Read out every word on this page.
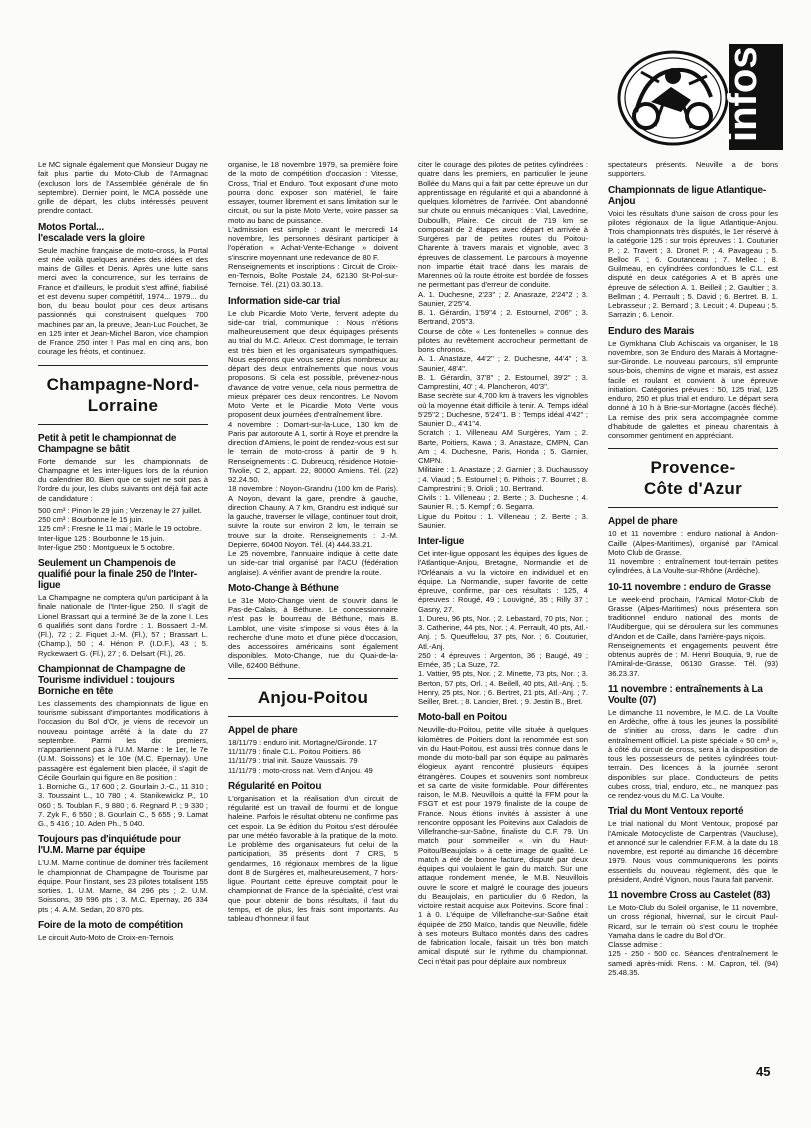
infos

Le MC signale également que Monsieur Dugay ne fait plus partie du Moto-Club de l'Armagnac (excluson lors de l'Assemblée générale de fin septembre). Dernier point, le MCA possède une grille de départ, les clubs intéressés peuvent prendre contact.

Motos Portal...
l'escalade vers la gloire

Seule machine française de moto-cross, la Portal est née voilà quelques années des idées et des mains de Gilles et Denis. Après une lutte sans merci avec la concurrence, sur les terrains de France et d'ailleurs, le produit s'est affiné, fiabilisé et est devenu super compétitif, 1974... 1979... du bon, du beau boulot pour ces deux artisans passionnés qui construisent quelques 700 machines par an, la preuve, Jean-Luc Fouchet, 3e en 125 inter et Jean-Michel Baron, vice champion de France 250 inter ! Pas mal en cinq ans, bon courage les fréots, et continuez.

Champagne-Nord-Lorraine
Petit à petit le championnat de Champagne se bâtit

Forte demande sur les championnats de Champagne et les inter-ligues lors de la réunion du calendrier 80. Bien que ce sujet ne soit pas à l'ordre du jour, les clubs suivants ont déjà fait acte de candidature :

500 cm³ : Pinon le 29 juin ; Verzenay le 27 juillet.
250 cm³ : Bourbonne le 15 juin.
125 cm³ : Fresne le 11 mai ; Marle le 19 octobre.
Inter-ligue 125 : Bourbonne le 15 juin.
Inter-ligue 250 : Montgueux le 5 octobre.

Seulement un Champenois de qualifié pour la finale 250 de l'Inter-ligue

La Champagne ne comptera qu'un participant à la finale nationale de l'Inter-ligue 250. Il s'agit de Lionel Brassart qui a terminé 3e de la zone I. Les 6 qualifiés sont dans l'ordre : 1. Bossaert J.-M. (Fl.), 72 ; 2. Fiquet J.-M. (Fl.), 57 ; Brassart L. (Champ.), 50 ; 4. Hénon P. (I.D.F.), 43 ; 5. Ryckewaert G. (Fl.), 27 ; 6. Delsart (Fl.), 26.

Championnat de Champagne de Tourisme individuel : toujours Borniche en tête

Les classements des championnats de ligue en tourisme subissant d'importantes modifications à l'occasion du Bol d'Or, je viens de recevoir un nouveau pointage arrêté à la date du 27 septembre. Parmi les dix premiers, n'appartiennent pas à l'U.M. Marne : le 1er, le 7e (U.M. Soissons) et le 10e (M.C. Epernay). Une passagère est également bien placée, il s'agit de Cécile Gourlain qui figure en 8e position :
1. Borniche G., 17 600 ; 2. Gourlain J.-C., 11 310 ; 3. Toussaint L., 10 780 ; 4. Stanikewickz P., 10 060 ; 5. Toublan F., 9 880 ; 6. Regnard P. ; 9 330 ; 7. Zyk F., 6 550 ; 8. Gourlain C., 5 655 ; 9. Lamat G., 5 416 ; 10. Aden Ph., 5 040.

Toujours pas d'inquiétude pour l'U.M. Marne par équipe

L'U.M. Marne continue de dominer très facilement le championnat de Champagne de Tourisme par équipe. Pour l'instant, ses 23 pilotes totalisent 155 sorties. 1. U.M. Marne, 84 296 pts ; 2. U.M. Soissons, 39 596 pts ; 3. M.C. Epernay, 26 334 pts ; 4. A.M. Sedan, 20 870 pts.

Foire de la moto de compétition

Le circuit Auto-Moto de Croix-en-Ternois

organise, le 18 novembre 1979, sa première foire de la moto de compétition d'occasion : Vitesse, Cross, Trial et Enduro. Tout exposant d'une moto pourra donc exposer son matériel, le faire essayer, tourner librement et sans limitation sur le circuit, ou sur la piste Moto Verte, voire passer sa moto au banc de puissance.
L'admission est simple : avant le mercredi 14 novembre, les personnes désirant participer à l'opération « Achat-Vente-Echange » doivent s'inscrire moyennant une redevance de 80 F.
Renseignements et inscriptions : Circuit de Croix-en-Ternois, Boîte Postale 24, 62130 St-Pol-sur-Ternoise. Tél. (21) 03.30.13.

Information side-car trial

Le club Picardie Moto Verte, fervent adepte du side-car trial, communique : Nous n'étions malheureusement que deux équipages présents au trial du M.C. Arleux. C'est dommage, le terrain est très bien et les organisateurs sympathiques. Nous espérons que vous serez plus nombreux au départ des deux entraînements que nous vous proposons. Si cela est possible, prévenez-nous d'avance de votre venue, cela nous permettra de mieux préparer ces deux rencontres. Le Novom Moto Verte et le Picardie Moto Verte vous proposent deux journées d'entraînement libre.
4 novembre : Domart-sur-la-Luce, 130 km de Paris par autoroute A 1, sortir à Roye et prendre la direction d'Amiens, le point de rendez-vous est sur le terrain de moto-cross à partir de 9 h. Renseignements : C. Dubreucq, résidence Hotoie-Tivolie, C 2, appart. 22, 80000 Amiens. Tél. (22) 92.24.50.
18 novembre : Noyon-Grandru (100 km de Paris). A Noyon, devant la gare, prendre à gauche, direction Chauny. A 7 km, Grandru est indiqué sur la gauche, traverser le village, continuer tout droit, suivre la route sur environ 2 km, le terrain se trouve sur la droite. Renseignements : J.-M. Depierre, 60400 Noyon. Tél. (4) 444.33.21.
Le 25 novembre, l'annuaire indique à cette date un side-car trial organisé par l'ACU (fédération anglaise). A vérifier avant de prendre la route.

Moto-Change à Béthune

Le 31e Moto-Change vient de s'ouvrir dans le Pas-de-Calais, à Béthune. Le concessionnaire n'est pas le bourreau de Béthune, mais B. Lamblot, une visite s'impose si vous êtes à la recherche d'une moto et d'une pièce d'occasion, des accessoires américains sont également disponibles. Moto-Change, rue du Quai-de-la-Ville, 62400 Béthune.

Anjou-Poitou
Appel de phare

18/11/79 : enduro init. Mortagne/Gironde. 17
11/11/79 : finale C.L. Poitou Poitiers. 86
11/11/79 : trial init. Sauze Vaussais. 79
11/11/79 : moto-cross nat. Vern d'Anjou. 49

Régularité en Poitou

L'organisation et la réalisation d'un circuit de régularité est un travail de fourmi et de longue haleine. Parfois le résultat obtenu ne confirme pas cet espoir. La 9e édition du Poitou s'est déroulée par une météo favorable à la pratique de la moto. Le problème des organisateurs fut celui de la participation, 35 présents dont 7 CRS, 5 gendarmes, 16 régionaux membres de la ligue dont 8 de Surgères et, malheureusement, 7 hors-ligue. Pourtant cette épreuve comptait pour le championnat de France de la spécialité, c'est vrai que pour obtenir de bons résultats, il faut du temps, et de plus, les frais sont importants. Au tableau d'honneur il faut

citer le courage des pilotes de petites cylindrées : quatre dans les premiers, en particulier le jeune Bollée du Mans qui a fait par cette épreuve un dur apprentissage en régularité et qui a abandonné à quelques kilomètres de l'arrivée. Ont abandonné sur chute ou ennuis mécaniques : Vial, Lavedrine, Duboullh, Plaire. Ce circuit de 719 km se composait de 2 étapes avec départ et arrivée à Surgères par de petites routes du Poitou-Charente à travers marais et vignoble, avec 3 épreuves de classement. Le parcours à moyenne non impartie était tracé dans les marais de Marennes où la route étroite est bordée de fosses ne permettant pas d'erreur de conduite.
A. 1. Duchesne, 2'23'' ; 2. Anasraze, 2'24''2 ; 3. Saunier, 2'25''4.
B. 1. Gérardin, 1'59''4 ; 2. Estournel, 2'06'' ; 3. Bertrand, 2'05''3.
Course de côte « Les fontenelles » connue des pilotes au revêtement accrocheur permettant de bons chronos.
A. 1. Anastaze, 44'2'' ; 2. Duchesne, 44'4'' ; 3. Saunier, 48'4''.
B. 1. Gérardin, 37'8'' ; 2. Estournel, 39'2'' ; 3. Camprestini, 40' ; 4. Plancheron, 40'3''.
Base secrète sur 4,700 km à travers les vignobles où la moyenne était difficile à tenir. A. Temps idéal 5'25''2 ; Duchesne, 5'24''1. B : Temps idéal 4'42'' ; Saunier D., 4'41''4.
Scratch : 1. Villeneau AM Surgères, Yam ; 2. Barte, Poitiers, Kawa ; 3. Anastaze, CMPN, Can Am ; 4. Duchesne, Paris, Honda ; 5. Garnier, CMPN.
Militaire : 1. Anastaze ; 2. Garnier ; 3. Duchaussoy ; 4. Viaud ; 5. Estournel ; 6. Pithois ; 7. Bourret ; 8. Camprestrini ; 9. Orioli ; 10. Bertrand.
Civils : 1. Villeneau ; 2. Berte ; 3. Duchesne ; 4. Saunier R. ; 5. Kempf ; 6. Segarra.
Ligue du Poitou : 1. Villeneau ; 2. Berte ; 3. Saunier.

Inter-ligue

Cet inter-ligue opposant les équipes des ligues de l'Atlantique-Anjou, Bretagne, Normandie et de l'Orléanais a vu la victoire en individuel et en équipe. La Normandie, super favorite de cette épreuve, confirme, par ces résultats : 125, 4 épreuves : Rougé, 49 ; Louvigné, 35 ; Rilly 37 ; Gasny, 27.
1. Dureu, 96 pts, Nor. ; 2. Lebastard, 70 pts, Nor. ; 3. Catherine, 44 pts, Nor. ; 4. Perrault, 40 pts, Atl.-Anj. ; 5. Queuffelou, 37 pts, Nor. ; 6. Couturier, Atl.-Anj.
250 : 4 épreuves : Argenton, 36 ; Baugé, 49 ; Ernée, 35 ; La Suze, 72.
1. Vattier, 95 pts, Nor. ; 2. Minette, 73 pts, Nor. ; 3. Berton, 57 pts, Orl. ; 4. Beilell, 40 pts, Atl.-Anj. ; 5. Henry, 25 pts, Nor. ; 6. Bertret, 21 pts, Atl.-Anj. ; 7. Seiller, Bret. ; 8. Lancier, Bret. ; 9. Jestin B., Bret.

Moto-ball en Poitou

Neuville-du-Poitou, petite ville située à quelques kilomètres de Poitiers dont la renommée est son vin du Haut-Poitou, est aussi très connue dans le monde du moto-ball par son équipe au palmarès élogieux ayant rencontré plusieurs équipes étrangères. Coupes et souvenirs sont nombreux et sa carte de visite formidable. Pour différentes raison, le M.B. Neuvillois a quitté la FFM pour la FSGT et est pour 1979 finaliste de la coupe de France. Nous étions invités à assister à une rencontre opposant les Poitevins aux Caladois de Villefranche-sur-Saône, finaliste du C.F. 79. Un match pour sommeiller « vin du Haut-Poitou/Beaujolais » à cette image de qualité. Le match a été de bonne facture, disputé par deux équipes qui voulaient le gain du match. Sur une attaque rondement menée, le M.B. Neuvillois ouvre le score et malgré le courage des joueurs du Beaujolais, en particulier du 6 Redon, la victoire restait acquise aux Poitevins. Score final : 1 à 0. L'équipe de Villefranche-sur-Saône était équipée de 250 Maïco, tandis que Neuville, fidèle à ses moteurs Bultaco montés dans des cadres de fabrication locale, faisait un très bon match amical disputé sur le rythme du championnat. Ceci n'était pas pour déplaire aux nombreux

spectateurs présents. Neuville a de bons supporters.

Championnats de ligue Atlantique-Anjou

Voici les résultats d'une saison de cross pour les pilotes régionaux de la ligue Atlantique-Anjou. Trois championnats très disputés, le 1er réservé à la catégorie 125 : sur trois épreuves : 1. Couturier P. ; 2. Travert ; 3. Dronet P. ; 4. Pavageau ; 5. Belloc F. ; 6. Coutanceau ; 7. Mellec ; 8. Guilmeau, en cylindrées confondues le C.L. est disputé en deux catégories A et B après une épreuve de sélection A. 1. Beilleil ; 2. Gaultier ; 3. Bellman ; 4. Perrault ; 5. David ; 6. Bertret. B. 1. Lebrasseur ; 2. Bernard ; 3. Lecuit ; 4. Dupeau ; 5. Sarrazin ; 6. Lenoir.

Enduro des Marais

Le Gymkhana Club Achiscais va organiser, le 18 novembre, son 3e Enduro des Marais à Mortagne-sur-Gironde. Le nouveau parcours, s'il emprunte sous-bois, chemins de vigne et marais, est assez facile et roulant et convient à une épreuve initiation. Catégories prévues : 50, 125 trial, 125 enduro, 250 et plus trial et enduro. Le départ sera donné à 10 h à Brie-sur-Mortagne (accès fléché). La remise des prix sera accompagnée comme d'habitude de galettes et pineau charentais à consommer gentiment en appréciant.

Provence-
Côte d'Azur
Appel de phare

10 et 11 novembre : enduro national à Andon-Caille (Alpes-Maritimes), organisé par l'Amical Moto Club de Grasse.
11 novembre : entraînement tout-terrain petites cylindrées, à La Voulte-sur-Rhône (Ardèche).

10-11 novembre : enduro de Grasse

Le week-end prochain, l'Amical Motor-Club de Grasse (Alpes-Maritimes) nous présentera son traditionnel enduro national des monts de l'Audibergue, qui se déroulera sur les communes d'Andon et de Caille, dans l'arrière-pays niçois.
Renseignements et engagements peuvent être obtenus auprès de : M. Henri Bouquia, 9, rue de l'Amiral-de-Grasse, 06130 Grasse. Tél. (93) 36.23.37.

11 novembre : entraînements à La Voulte (07)

Le dimanche 11 novembre, le M.C. de La Voulte en Ardèche, offre à tous les jeunes la possibilité de s'initier au cross, dans le cadre d'un entraînement officiel. La piste spéciale « 50 cm³ », à côté du circuit de cross, sera à la disposition de tous les possesseurs de petites cylindrées tout-terrain. Des licences à la journée seront disponibles sur place. Conducteurs de petits cubes cross, trial, enduro, etc., ne manquez pas ce rendez-vous du M.C. La Voulte.

Trial du Mont Ventoux reporté

Le trial national du Mont Ventoux, proposé par l'Amicale Motocycliste de Carpentras (Vaucluse), et annoncé sur le calendrier F.F.M. à la date du 18 novembre, est reporté au dimanche 16 décembre 1979. Nous vous communiquerons les points essentiels du nouveau règlement, dès que le président, André Vignon, nous l'aura fait parvenir.

11 novembre Cross au Castelet (83)

Le Moto-Club du Soleil organise, le 11 novembre, un cross régional, hivernal, sur le circuit Paul-Ricard, sur le terrain où s'est couru le trophée Yamaha dans le cadre du Bol d'Or.
Classe admise :
125 - 250 - 500 cc. Séances d'entraînement le samedi après-midi. Rens. : M. Capron, tél. (94) 25.48.35.

45
